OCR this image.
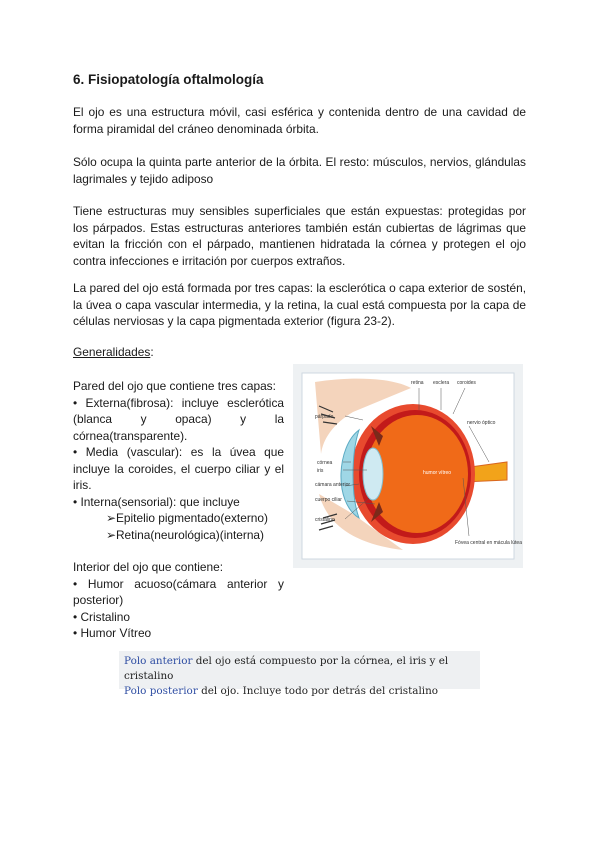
6. Fisiopatología oftalmología

El ojo es una estructura móvil, casi esférica y contenida dentro de una cavidad de forma piramidal del cráneo denominada órbita.

Sólo ocupa la quinta parte anterior de la órbita. El resto: músculos, nervios, glándulas lagrimales y tejido adiposo

Tiene estructuras muy sensibles superficiales que están expuestas: protegidas por los párpados. Estas estructuras anteriores también están cubiertas de lágrimas que evitan la fricción con el párpado, mantienen hidratada la córnea y protegen el ojo contra infecciones e irritación por cuerpos extraños.

La pared del ojo está formada por tres capas: la esclerótica o capa exterior de sostén, la úvea o capa vascular intermedia, y la retina, la cual está compuesta por la capa de células nerviosas y la capa pigmentada exterior (figura 23-2).

Generalidades:

Pared del ojo que contiene tres capas:

• Externa(fibrosa): incluye esclerótica (blanca y opaca) y la córnea(transparente).

• Media (vascular): es la úvea que incluye la coroides, el cuerpo ciliar y el iris.

• Interna(sensorial): que incluye

➢Epitelio pigmentado(externo)

➢Retina(neurológica)(interna)

Interior del ojo que contiene:

• Humor acuoso(cámara anterior y posterior)

• Cristalino

• Humor Vítreo

retina esclera coroides
párpado
nervio óptico
córnea
iris
cámara anterior
cuerpo ciliar
cristalino
humor vítreo
Fóvea central en mácula lútea
Polo anterior del ojo está compuesto por la córnea, el iris y el cristalino
Polo posterior del ojo. Incluye todo por detrás del cristalino
